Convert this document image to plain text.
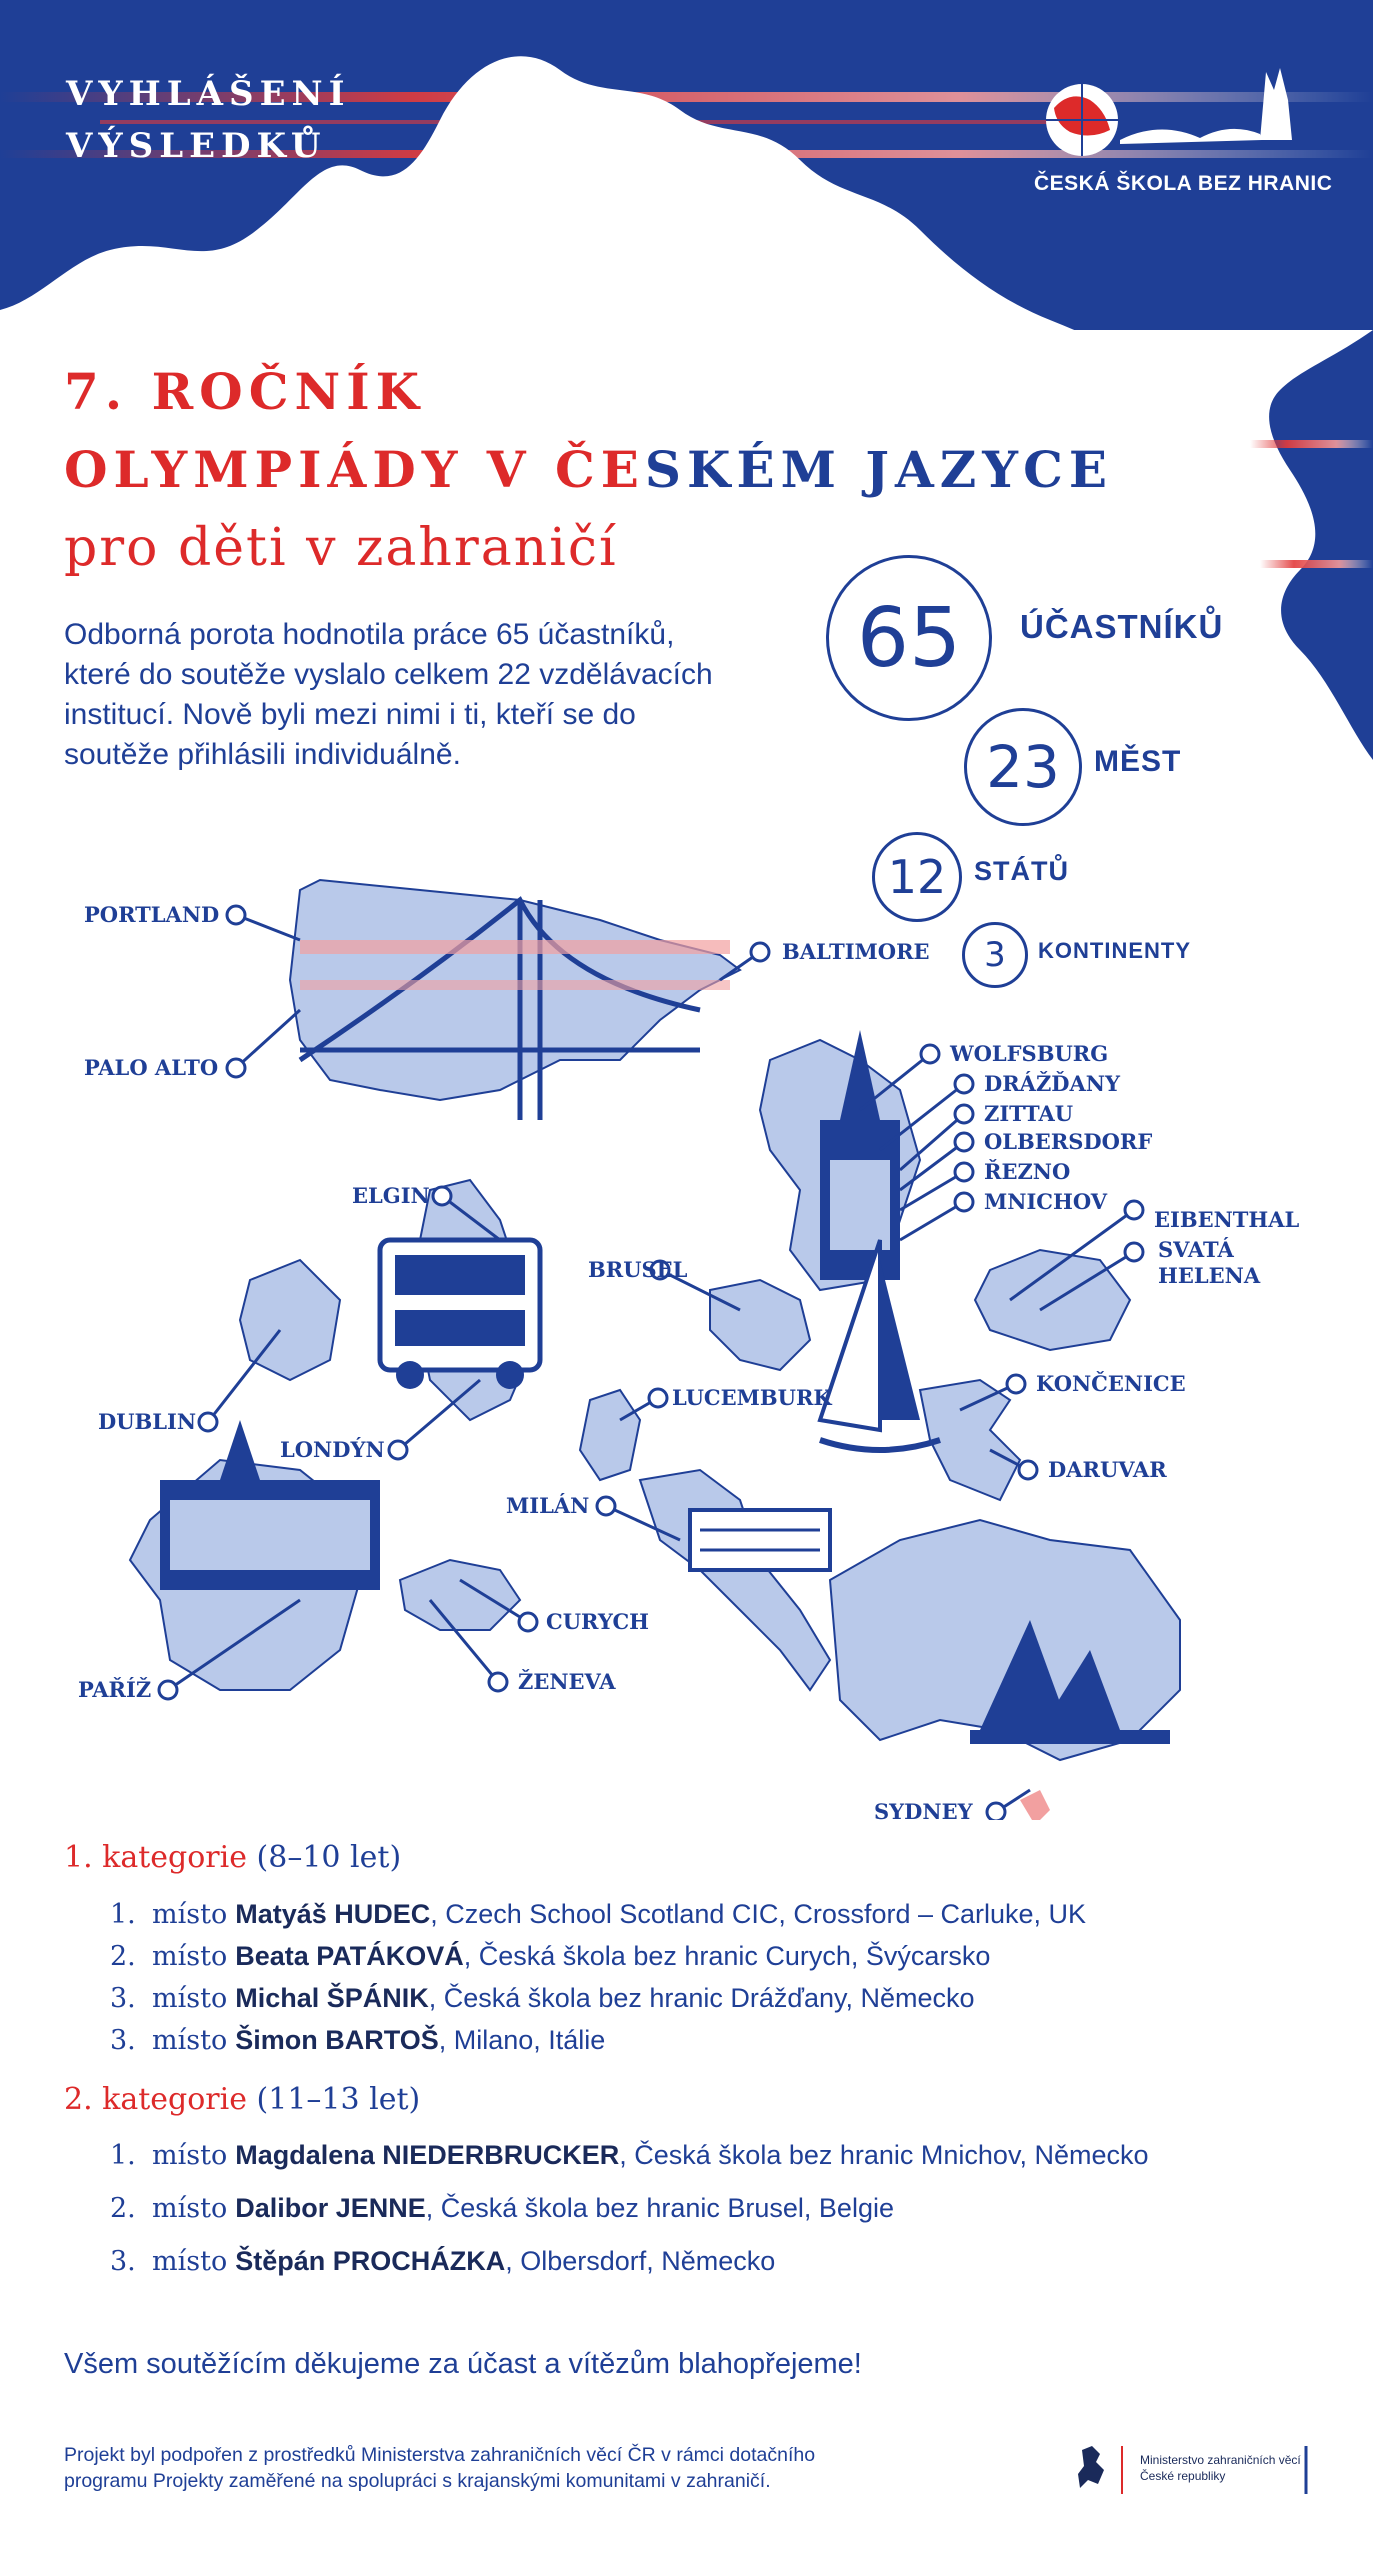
VYHLÁŠENÍ
VÝSLEDKŮ
ČESKÁ ŠKOLA BEZ HRANIC
7. ROČNÍK
OLYMPIÁDY V ČESKÉM JAZYCE
pro děti v zahraničí
Odborná porota hodnotila práce 65 účastníků, které do soutěže vyslalo celkem 22 vzdělávacích institucí. Nově byli mezi nimi i ti, kteří se do soutěže přihlásili individuálně.
65 ÚČASTNÍKŮ
23 MĚST
12 STÁTŮ
3 KONTINENTY
PORTLAND
PALO ALTO
BALTIMORE
WOLFSBURG
DRÁŽĎANY
ZITTAU
OLBERSDORF
ŘEZNO
MNICHOV
EIBENTHAL
SVATÁ
HELENA
ELGIN
BRUSEL
DUBLIN
LONDÝN
LUCEMBURK
KONČENICE
DARUVAR
MILÁN
CURYCH
ŽENEVA
PAŘÍŽ
SYDNEY
1. kategorie (8–10 let)
1. místo Matyáš HUDEC, Czech School Scotland CIC, Crossford – Carluke, UK
2. místo Beata PATÁKOVÁ, Česká škola bez hranic Curych, Švýcarsko
3. místo Michal ŠPÁNIK, Česká škola bez hranic Drážďany, Německo
3. místo Šimon BARTOŠ, Milano, Itálie
2. kategorie (11–13 let)
1. místo Magdalena NIEDERBRUCKER, Česká škola bez hranic Mnichov, Německo
2. místo Dalibor JENNE, Česká škola bez hranic Brusel, Belgie
3. místo Štěpán PROCHÁZKA, Olbersdorf, Německo
Všem soutěžícím děkujeme za účast a vítězům blahopřejeme!
Projekt byl podpořen z prostředků Ministerstva zahraničních věcí ČR v rámci dotačního
programu Projekty zaměřené na spolupráci s krajanskými komunitami v zahraničí.
Ministerstvo zahraničních věcí
České republiky
